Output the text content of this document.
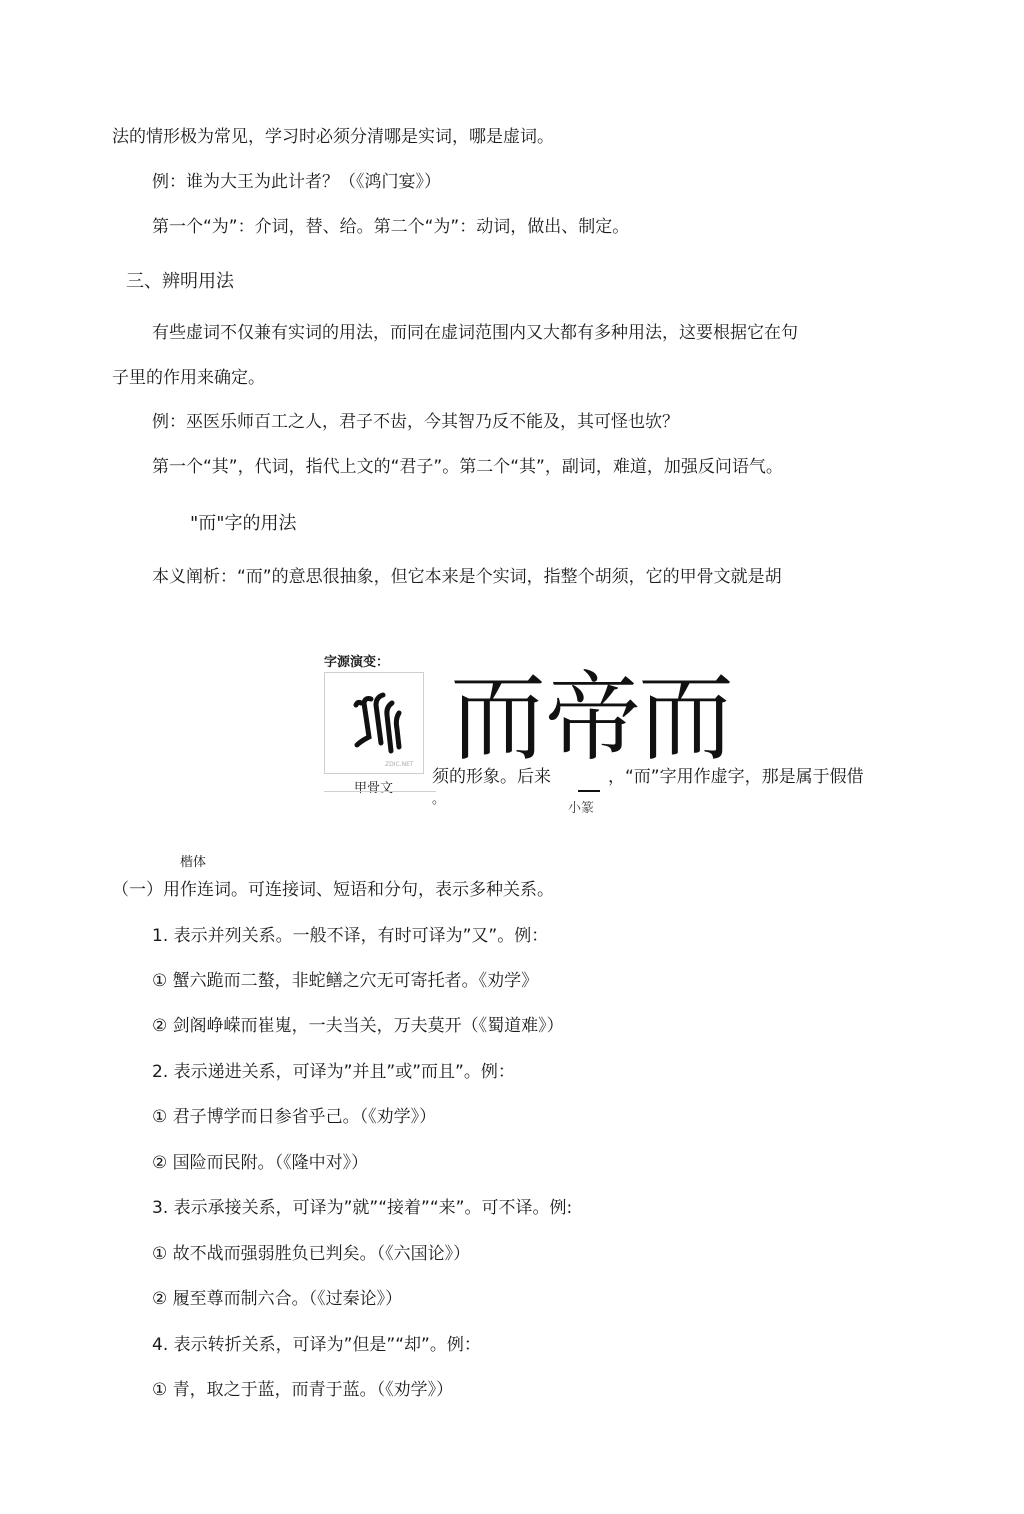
法的情形极为常见，学习时必须分清哪是实词，哪是虚词。
例：谁为大王为此计者？（《鸿门宴》）
第一个“为”：介词，替、给。第二个“为”：动词，做出、制定。
三、辨明用法
有些虚词不仅兼有实词的用法，而同在虚词范围内又大都有多种用法，这要根据它在句
子里的作用来确定。
例：巫医乐师百工之人，君子不齿，今其智乃反不能及，其可怪也欤？
第一个“其”，代词，指代上文的“君子”。第二个“其”，副词，难道，加强反问语气。
"而"字的用法
本义阐析：“而”的意思很抽象，但它本来是个实词，指整个胡须，它的甲骨文就是胡
字源演变：
ZDIC.NET
甲骨文
而 帝
而
须的形象。后来	，“而”字用作虚字，那是属于假借
。
小篆
楷体
（一）用作连词。可连接词、短语和分句，表示多种关系。
1. 表示并列关系。一般不译，有时可译为”又”。例：
① 蟹六跪而二螯，非蛇鳝之穴无可寄托者。《劝学》
② 剑阁峥嵘而崔嵬，一夫当关，万夫莫开（《蜀道难》）
2. 表示递进关系，可译为”并且”或”而且”。例：
① 君子博学而日参省乎己。（《劝学》）
② 国险而民附。（《隆中对》）
3. 表示承接关系，可译为”就”“接着”“来”。可不译。例:
① 故不战而强弱胜负已判矣。（《六国论》）
② 履至尊而制六合。（《过秦论》）
4. 表示转折关系，可译为”但是”“却”。例：
① 青，取之于蓝，而青于蓝。（《劝学》）
